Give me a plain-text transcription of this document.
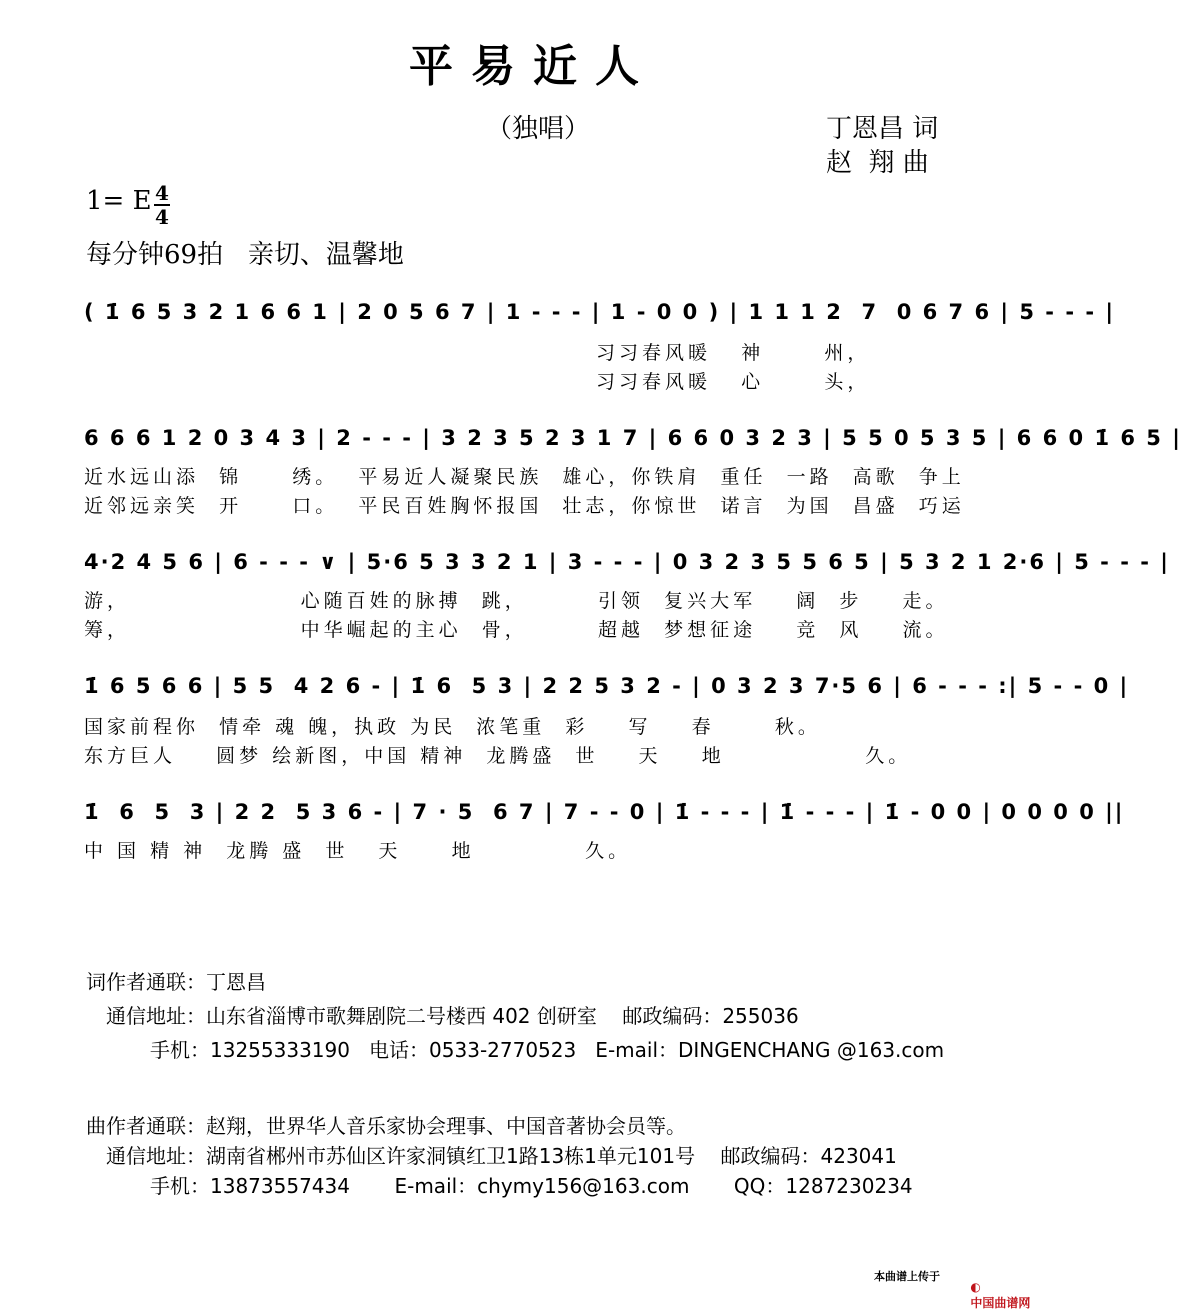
平易近人
（独唱）	丁恩昌 词
赵  翔 曲
1= E 4
4
每分钟69拍   亲切、温馨地
( 1̇ 6 5 3 2 1 6 6 1 | 2 0 5 6 7 | 1 - - - | 1 - 0 0 ) | 1 1 1 2  7  0 6 7 6 | 5 - - - |
习习春风暖   神      州，
习习春风暖   心      头，
6 6 6 1 2 0 3 4 3 | 2 - - - | 3 2 3 5 2 3 1 7 | 6 6 0 3 2 3 | 5 5 0 5 3 5 | 6 6 0 1̇ 6 5 |
近水远山添  锦     绣。  平易近人凝聚民族  雄心，你铁肩  重任  一路  高歌  争上
近邻远亲笑  开     口。  平民百姓胸怀报国  壮志，你惊世  诺言  为国  昌盛  巧运
4·2 4 5 6 | 6 - - - ∨ | 5·6 5 3 3 2 1 | 3 - - - | 0 3 2 3 5 5 6 5 | 5 3 2 1 2·6 | 5 - - - |
游，                 心随百姓的脉搏  跳，       引领  复兴大军    阔  步    走。
筹，                 中华崛起的主心  骨，       超越  梦想征途    竞  风    流。
1̇ 6 5 6 6 | 5 5  4 2 6 - | 1̇ 6  5 3 | 2 2 5 3 2 - | 0 3 2 3 7·5 6 | 6 - - - :| 5 - - 0 |
国家前程你  情牵 魂 魄，执政 为民  浓笔重  彩    写    春      秋。
东方巨人    圆梦 绘新图，中国 精神  龙腾盛  世    天    地              久。
1̇  6  5  3 | 2 2  5 3 6 - | 7 · 5  6 7 | 7 - - 0 | 1̇ - - - | 1̇ - - - | 1̇ - 0 0 | 0 0 0 0 ||
中 国 精 神  龙腾 盛  世   天     地           久。
词作者通联：丁恩昌
通信地址：山东省淄博市歌舞剧院二号楼西 402 创研室    邮政编码：255036
手机：13255333190   电话：0533-2770523   E-mail：DINGENCHANG @163.com
曲作者通联：赵翔，世界华人音乐家协会理事、中国音著协会员等。
通信地址：湖南省郴州市苏仙区许家洞镇红卫1路13栋1单元101号    邮政编码：423041
手机：13873557434       E-mail：chymy156@163.com       QQ：1287230234
本曲谱上传于

◐
中国曲谱网
